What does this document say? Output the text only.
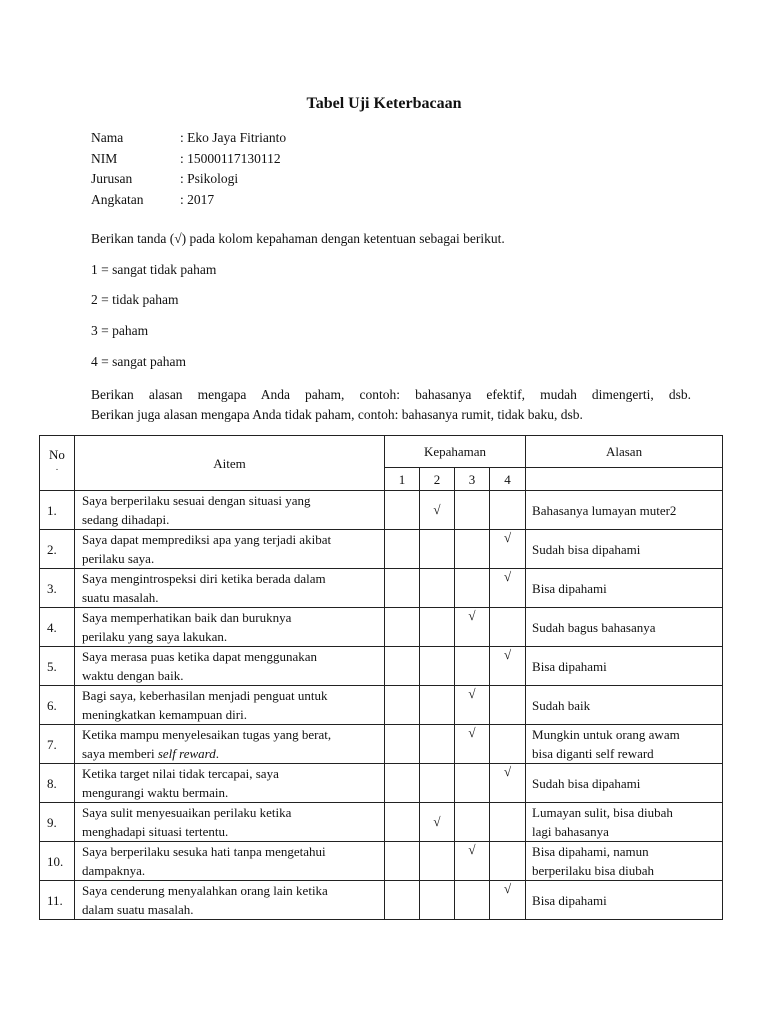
Tabel Uji Keterbacaan
Nama	: Eko Jaya Fitrianto
NIM	: 15000117130112
Jurusan	: Psikologi
Angkatan	: 2017

Berikan tanda (√) pada kolom kepahaman dengan ketentuan sebagai berikut.

1 = sangat tidak paham

2 = tidak paham

3 = paham

4 = sangat paham

Berikan alasan mengapa Anda paham, contoh: bahasanya efektif, mudah dimengerti, dsb.

Berikan juga alasan mengapa Anda tidak paham, contoh: bahasanya rumit, tidak baku, dsb.

No
.	Aitem	Kepahaman				Alasan
		1	2	3	4	
1.	Saya berperilaku sesuai dengan situasi yang
sedang dihadapi.		√			Bahasanya lumayan muter2

2.	Saya dapat memprediksi apa yang terjadi akibat
perilaku saya.				√	Sudah bisa dipahami

3.	Saya mengintrospeksi diri ketika berada dalam
suatu masalah.				√	Bisa dipahami

4.	Saya memperhatikan baik dan buruknya
perilaku yang saya lakukan.			√		Sudah bagus bahasanya

5.	Saya merasa puas ketika dapat menggunakan
waktu dengan baik.				√	Bisa dipahami

6.	Bagi saya, keberhasilan menjadi penguat untuk
meningkatkan kemampuan diri.			√		Sudah baik

7.	Ketika mampu menyelesaikan tugas yang berat,
saya memberi self reward.			√		Mungkin untuk orang awam
bisa diganti self reward

8.	Ketika target nilai tidak tercapai, saya
mengurangi waktu bermain.				√	Sudah bisa dipahami

9.	Saya sulit menyesuaikan perilaku ketika
menghadapi situasi tertentu.		√			Lumayan sulit, bisa diubah
lagi bahasanya

10.	Saya berperilaku sesuka hati tanpa mengetahui
dampaknya.			√		Bisa dipahami, namun
berperilaku bisa diubah

11.	Saya cenderung menyalahkan orang lain ketika
dalam suatu masalah.				√	Bisa dipahami
